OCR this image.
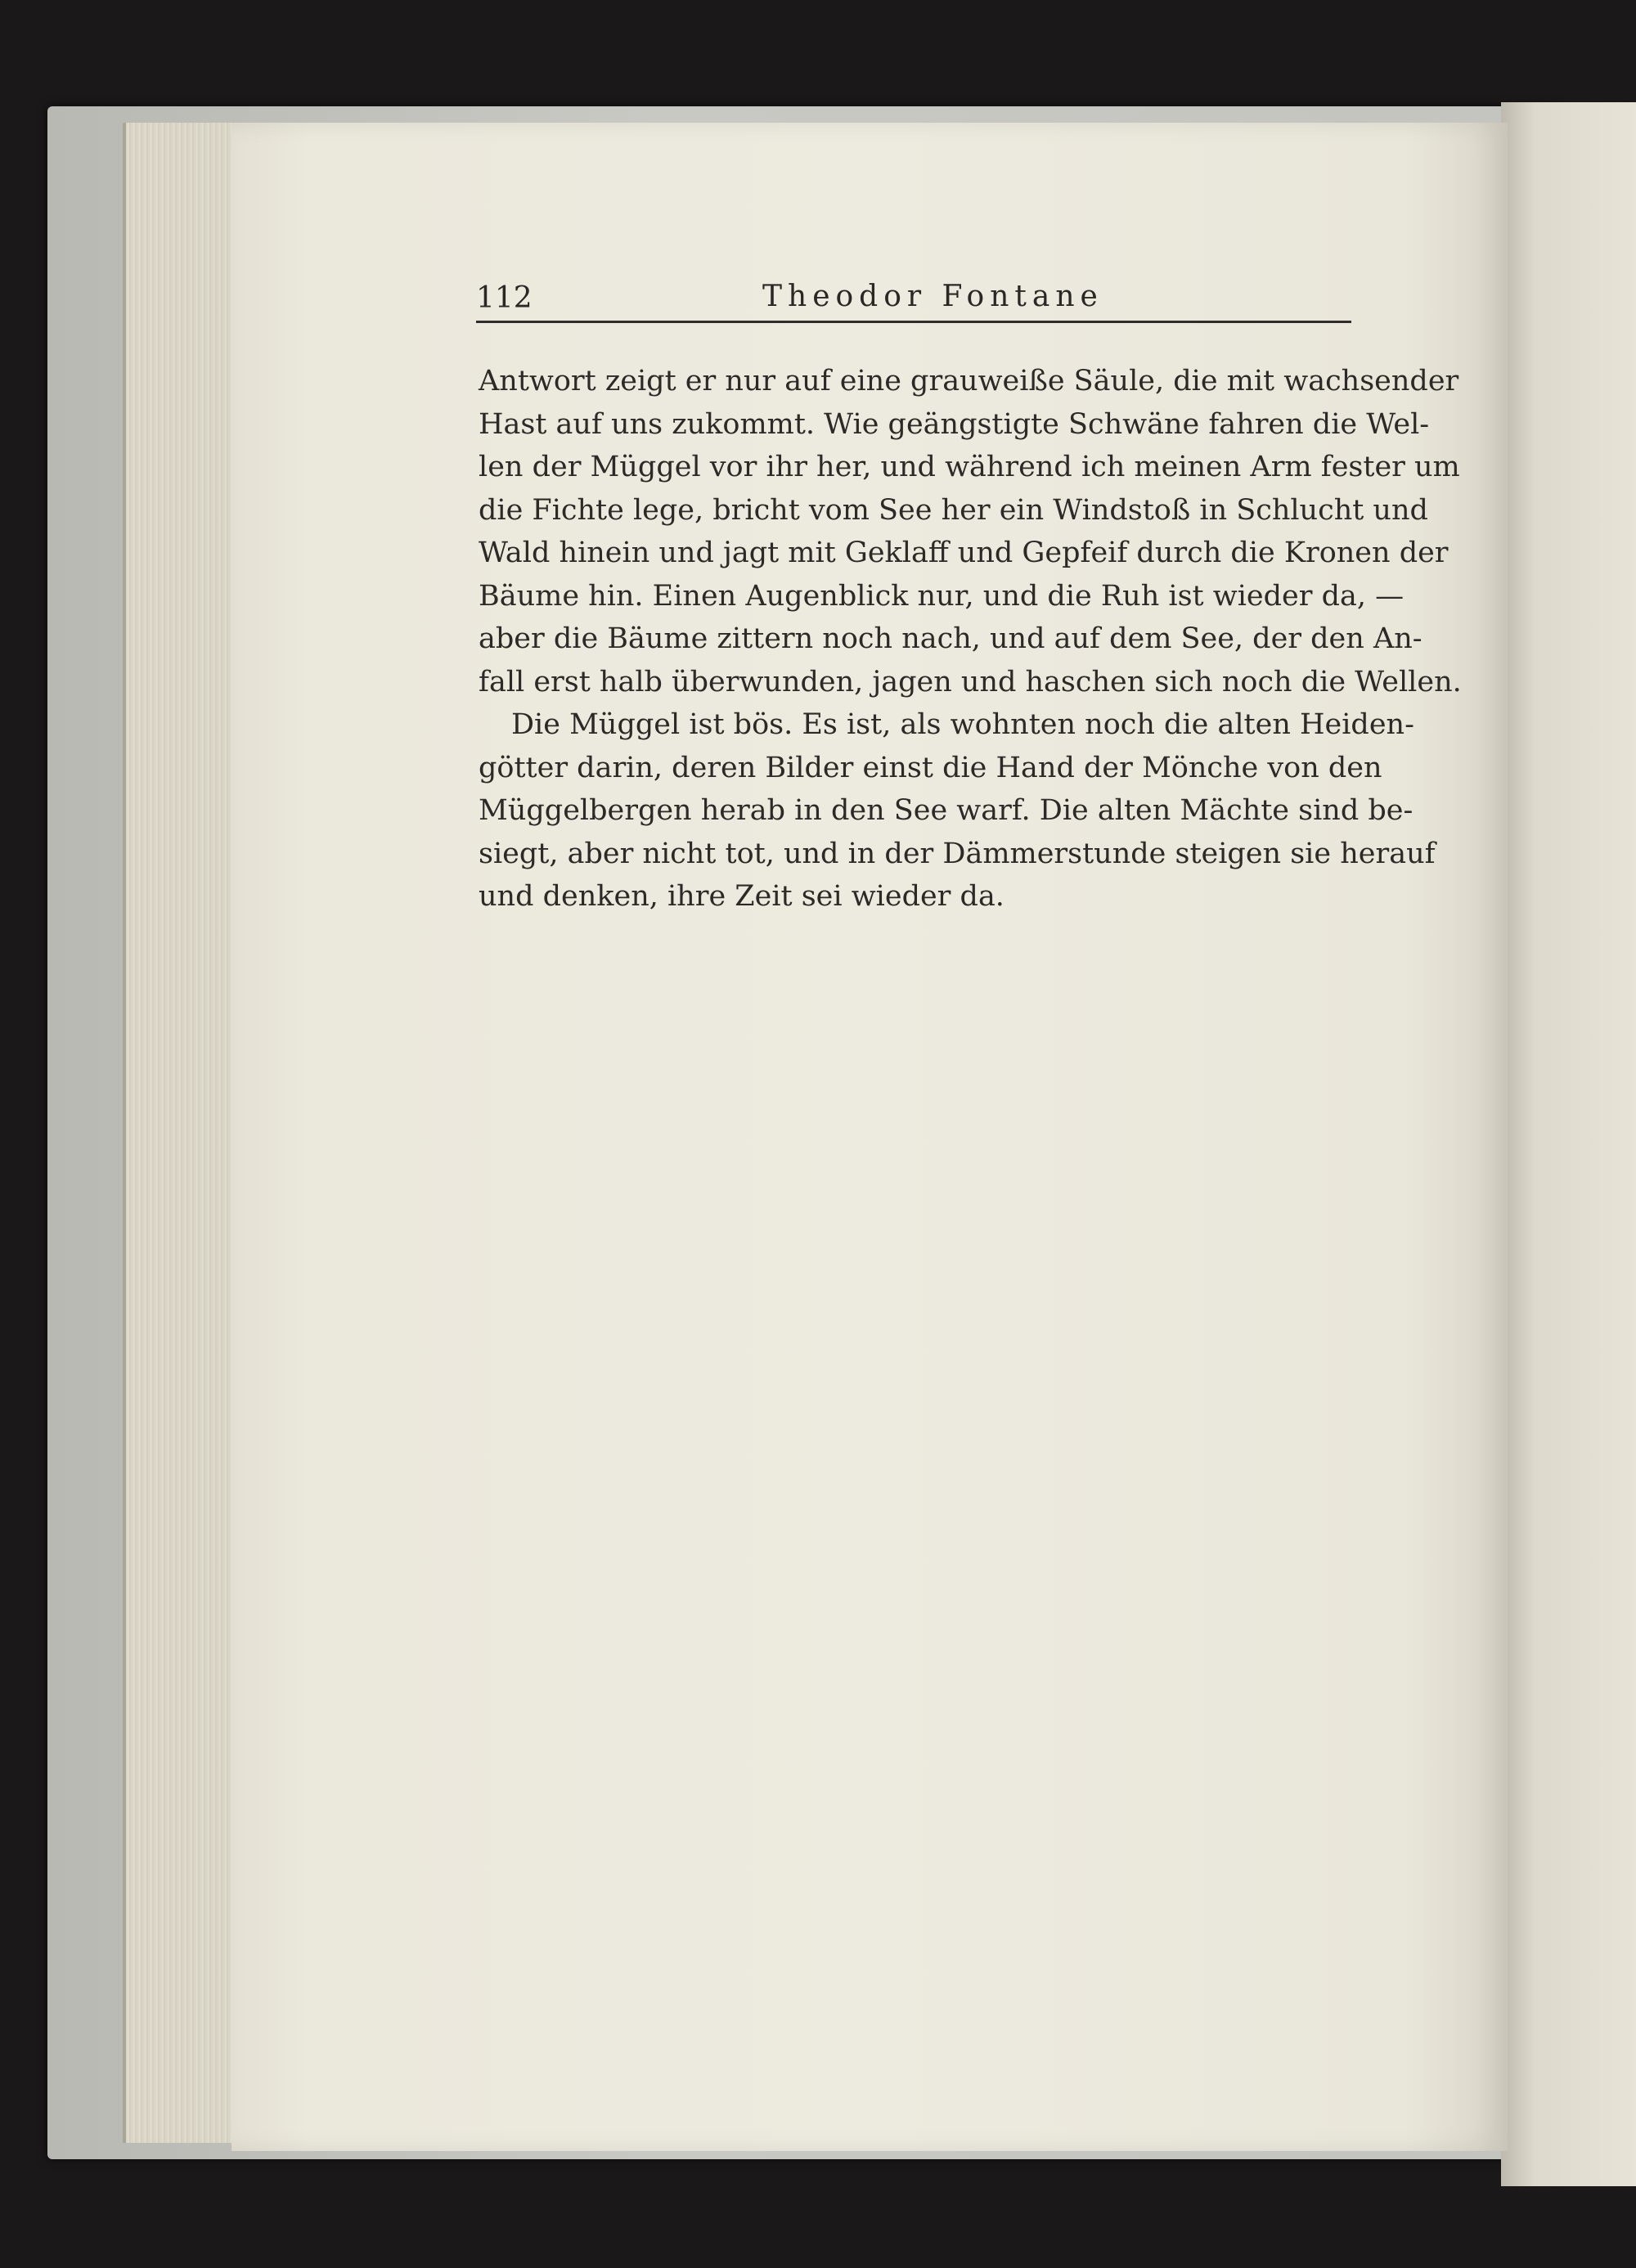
112	Theodor Fontane
Antwort zeigt er nur auf eine grauweiße Säule, die mit wachsender
Hast auf uns zukommt. Wie geängstigte Schwäne fahren die Wel-
len der Müggel vor ihr her, und während ich meinen Arm fester um
die Fichte lege, bricht vom See her ein Windstoß in Schlucht und
Wald hinein und jagt mit Geklaff und Gepfeif durch die Kronen der
Bäume hin. Einen Augenblick nur, und die Ruh ist wieder da, —
aber die Bäume zittern noch nach, und auf dem See, der den An-
fall erst halb überwunden, jagen und haschen sich noch die Wellen.
Die Müggel ist bös. Es ist, als wohnten noch die alten Heiden-
götter darin, deren Bilder einst die Hand der Mönche von den
Müggelbergen herab in den See warf. Die alten Mächte sind be-
siegt, aber nicht tot, und in der Dämmerstunde steigen sie herauf
und denken, ihre Zeit sei wieder da.
